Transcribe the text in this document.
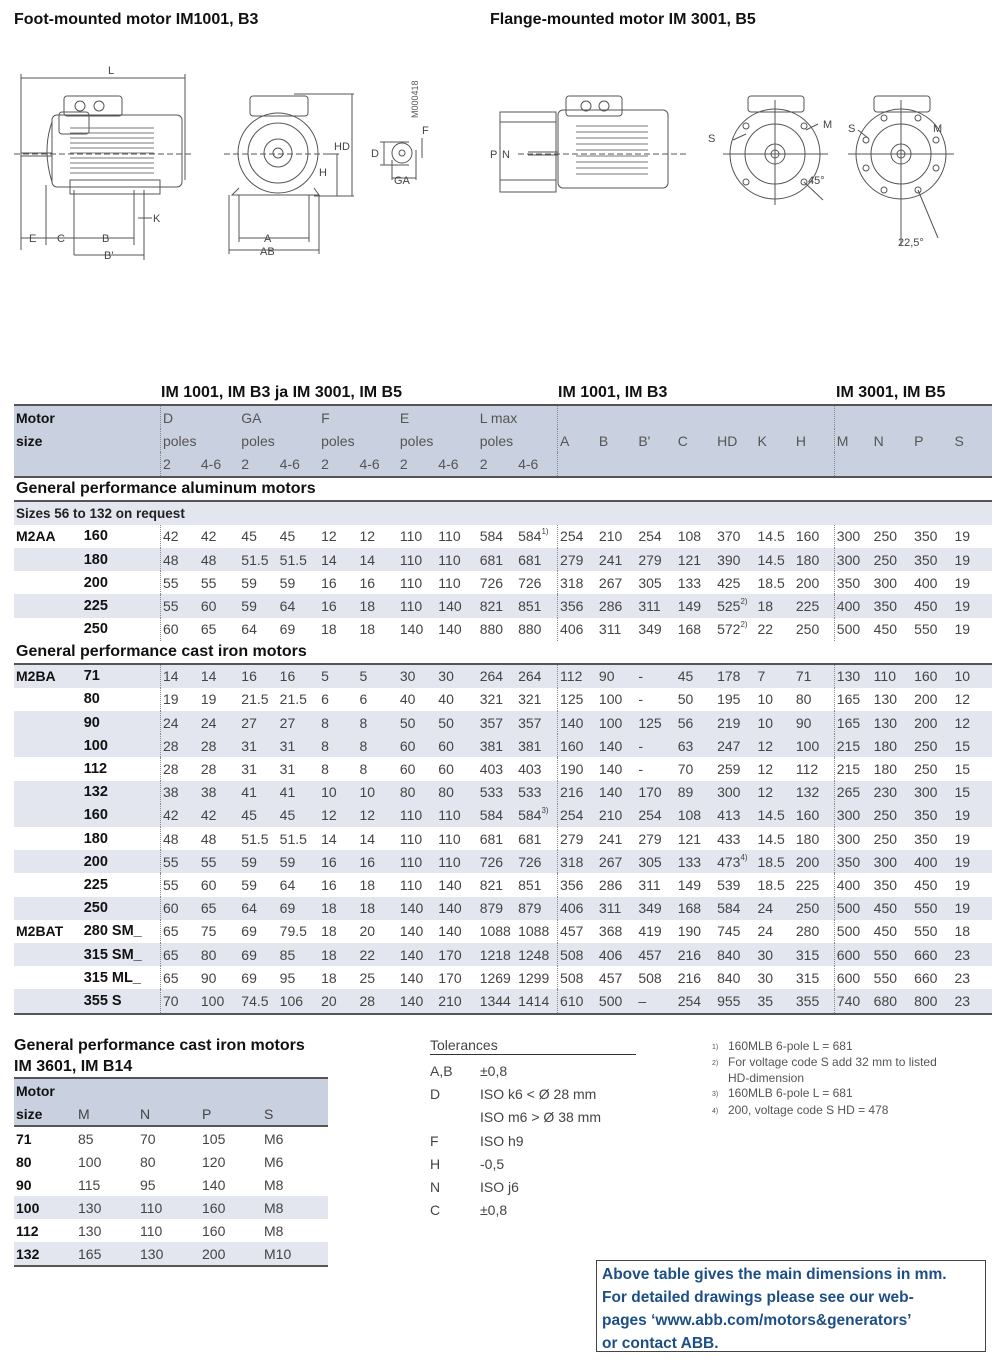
Foot-mounted motor IM1001, B3	Flange-mounted motor IM 3001, B5
L
HD
H
D
F
GA
K
E C	B
B'
A
AB
M000418
P N
S
M
45°
S	M
22,5°
IM 1001, IM B3 ja IM 3001, IM B5	IM 1001, IM B3	IM 3001, IM B5
Motor		D		GA		F		E		L max												
size		poles		poles		poles		poles		poles		A	B	B'	C	HD	K	H	M	N	P	S
		2	4-6	2	4-6	2	4-6	2	4-6	2	4-6											
General performance aluminum motors																						
Sizes 56 to 132 on request																						
M2AA	160	42	42	45	45	12	12	110	110	584	584$^{1)}$	254	210	254	108	370	14.5	160	300	250	350	19
	180	48	48	51.5	51.5	14	14	110	110	681	681	279	241	279	121	390	14.5	180	300	250	350	19
	200	55	55	59	59	16	16	110	110	726	726	318	267	305	133	425	18.5	200	350	300	400	19
	225	55	60	59	64	16	18	110	140	821	851	356	286	311	149	525$^{2)}$	18	225	400	350	450	19
	250	60	65	64	69	18	18	140	140	880	880	406	311	349	168	572$^{2)}$	22	250	500	450	550	19
General performance cast iron motors																						
M2BA	71	14	14	16	16	5	5	30	30	264	264	112	90	-	45	178	7	71	130	110	160	10
	80	19	19	21.5	21.5	6	6	40	40	321	321	125	100	-	50	195	10	80	165	130	200	12
	90	24	24	27	27	8	8	50	50	357	357	140	100	125	56	219	10	90	165	130	200	12
	100	28	28	31	31	8	8	60	60	381	381	160	140	-	63	247	12	100	215	180	250	15
	112	28	28	31	31	8	8	60	60	403	403	190	140	-	70	259	12	112	215	180	250	15
	132	38	38	41	41	10	10	80	80	533	533	216	140	170	89	300	12	132	265	230	300	15
	160	42	42	45	45	12	12	110	110	584	584$^{3)}$	254	210	254	108	413	14.5	160	300	250	350	19
	180	48	48	51.5	51.5	14	14	110	110	681	681	279	241	279	121	433	14.5	180	300	250	350	19
	200	55	55	59	59	16	16	110	110	726	726	318	267	305	133	473$^{4)}$	18.5	200	350	300	400	19
	225	55	60	59	64	16	18	110	140	821	851	356	286	311	149	539	18.5	225	400	350	450	19
	250	60	65	64	69	18	18	140	140	879	879	406	311	349	168	584	24	250	500	450	550	19
M2BAT	280 SM_	65	75	69	79.5	18	20	140	140	1088	1088	457	368	419	190	745	24	280	500	450	550	18
	315 SM_	65	80	69	85	18	22	140	170	1218	1248	508	406	457	216	840	30	315	600	550	660	23
	315 ML_	65	90	69	95	18	25	140	170	1269	1299	508	457	508	216	840	30	315	600	550	660	23
	355 S	70	100	74.5	106	20	28	140	210	1344	1414	610	500	–	254	955	35	355	740	680	800	23
General performance cast iron motors
IM 3601, IM B14
Motor				
size	M	N	P	S
71	85	70	105	M6
80	100	80	120	M6
90	115	95	140	M8
100	130	110	160	M8
112	130	110	160	M8
132	165	130	200	M10
Tolerances
A,B	±0,8
D	ISO k6 < Ø 28 mm
ISO m6 > Ø 38 mm
F	ISO h9
H	-0,5
N	ISO j6
C	±0,8
1) 160MLB 6-pole L = 681
2) For voltage code S add 32 mm to listed
HD-dimension
3) 160MLB 6-pole L = 681
4) 200, voltage code S HD = 478
Above table gives the main dimensions in mm.
For detailed drawings please see our web-
pages ‘www.abb.com/motors&generators’
or contact ABB.
